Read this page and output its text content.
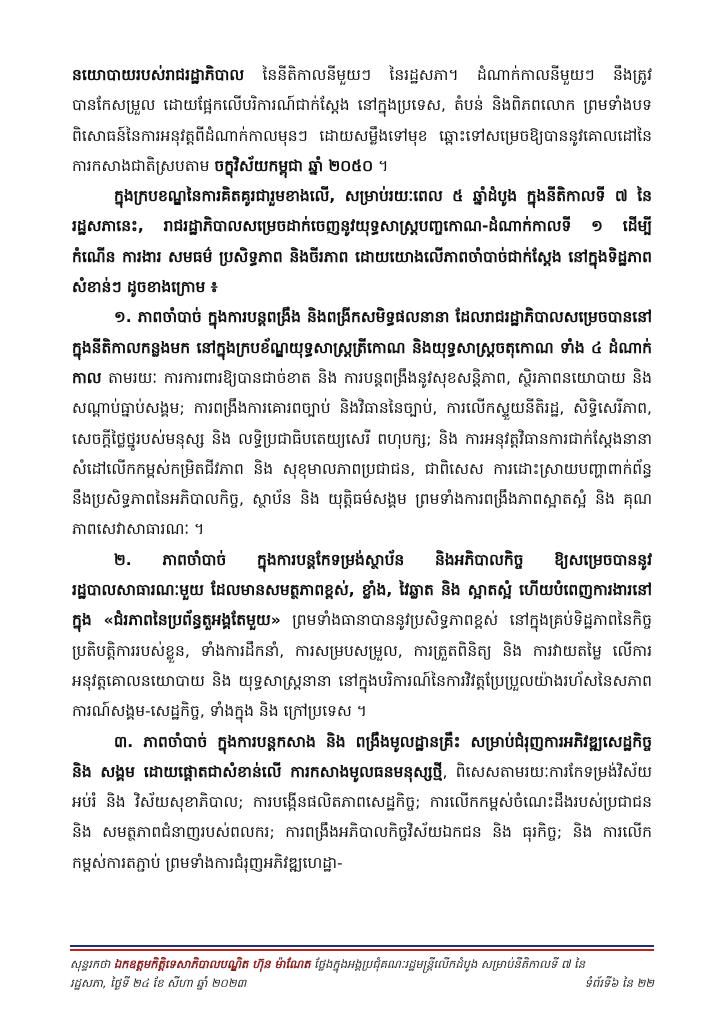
នយោបាយរបស់រាជរដ្ឋាភិបាល នៃនីតិកាលនីមួយៗ នៃរដ្ឋសភា។ ដំណាក់កាលនីមួយៗ នឹងត្រូវបានកែសម្រួល ដោយផ្អែកលើបរិការណ៍ជាក់ស្តែង នៅក្នុងប្រទេស, តំបន់ និងពិភពលោក ព្រមទាំងបទពិសោធន៍នៃការអនុវត្តពីដំណាក់កាលមុនៗ ដោយសម្លឹងទៅមុខ ឆ្ពោះទៅសម្រេចឱ្យបាននូវគោលដៅនៃការកសាងជាតិស្របតាម ចក្ខុវិស័យកម្ពុជា ឆ្នាំ ២០៥០ ។

ក្នុងក្របខណ្ឌនៃការគិតគូរជារួមខាងលើ, សម្រាប់រយៈពេល ៥ ឆ្នាំដំបូង ក្នុងនីតិកាលទី ៧ នៃរដ្ឋសភានេះ, រាជរដ្ឋាភិបាលសម្រេចដាក់ចេញនូវយុទ្ធសាស្ត្របញ្ចកោណ-ដំណាក់កាលទី ១ ដើម្បី កំណើន ការងារ សមធម៌ ប្រសិទ្ធភាព និងចីរភាព ដោយយោងលើភាពចាំបាច់ជាក់ស្តែង នៅក្នុងទិដ្ឋភាពសំខាន់ៗ ដូចខាងក្រោម ៖

១. ភាពចាំបាច់ ក្នុងការបន្តពង្រឹង និងពង្រីកសមិទ្ធផលនានា ដែលរាជរដ្ឋាភិបាលសម្រេចបាននៅក្នុងនីតិកាលកន្លងមក នៅក្នុងក្របខ័ណ្ឌយុទ្ធសាស្ត្រត្រីកោណ និងយុទ្ធសាស្ត្រចតុកោណ ទាំង ៤ ដំណាក់កាល តាមរយៈ ការការពារឱ្យបានជាច់ខាត និង ការបន្តពង្រឹងនូវសុខសន្តិភាព, ស្ថិរភាពនយោបាយ និង សណ្តាប់ធ្នាប់សង្គម; ការពង្រឹងការគោរពច្បាប់ និងវិធាននៃច្បាប់, ការលើកស្ទួយនីតិរដ្ឋ, សិទ្ធិសេរីភាព, សេចក្តីថ្លៃថ្នូរបស់មនុស្ស និង លទ្ធិប្រជាធិបតេយ្យសេរី ពហុបក្ស; និង ការអនុវត្តវិធានការជាក់ស្តែងនានា សំដៅលើកកម្ពស់កម្រិតជីវភាព និង សុខុមាលភាពប្រជាជន, ជាពិសេស ការដោះស្រាយបញ្ហាពាក់ព័ន្ធនឹងប្រសិទ្ធភាពនៃអភិបាលកិច្ច, ស្ថាប័ន និង យុត្តិធម៌សង្គម ព្រមទាំងការពង្រឹងភាពស្អាតស្អំ និង គុណភាពសេវាសាធារណៈ ។

២. ភាពចាំបាច់ ក្នុងការបន្តកែទម្រង់ស្ថាប័ន និងអភិបាលកិច្ច ឱ្យសម្រេចបាននូវរដ្ឋបាលសាធារណៈមួយ ដែលមានសមត្ថភាពខ្ពស់, ខ្លាំង, វៃឆ្លាត និង ស្អាតស្អំ ហើយបំពេញការងារនៅក្នុង «ជំរភាពនៃប្រព័ន្ធតួអង្គតែមួយ» ព្រមទាំងធានាបាននូវប្រសិទ្ធភាពខ្ពស់ នៅក្នុងគ្រប់ទិដ្ឋភាពនៃកិច្ចប្រតិបត្តិការរបស់ខ្លួន, ទាំងការដឹកនាំ, ការសម្របសម្រួល, ការត្រួតពិនិត្យ និង ការវាយតម្លៃ លើការអនុវត្តគោលនយោបាយ និង យុទ្ធសាស្ត្រនានា នៅក្នុងបរិការណ៍នៃការវិវត្តប្រែប្រួលយ៉ាងរហ័សនៃសភាពការណ៍សង្គម-សេដ្ឋកិច្ច, ទាំងក្នុង និង ក្រៅប្រទេស ។

៣. ភាពចាំបាច់ ក្នុងការបន្តកសាង និង ពង្រឹងមូលដ្ឋានគ្រឹះ សម្រាប់ជំរុញការអភិវឌ្ឍសេដ្ឋកិច្ច និង សង្គម ដោយផ្តោតជាសំខាន់លើ ការកសាងមូលធនមនុស្សថ្មី, ពិសេសតាមរយៈការកែទម្រង់វិស័យអប់រំ និង វិស័យសុខាភិបាល; ការបង្កើនផលិតភាពសេដ្ឋកិច្ច; ការលើកកម្ពស់ចំណេះដឹងរបស់ប្រជាជន និង សមត្ថភាពជំនាញរបស់ពលករ; ការពង្រឹងអភិបាលកិច្ចវិស័យឯកជន និង ធុរកិច្ច; និង ការលើកកម្ពស់ការតភ្ជាប់ ព្រមទាំងការជំរុញអភិវឌ្ឍហេដ្ឋា-

សុន្ទរកថា ឯកឧត្តមកិត្តិទេសាភិបាលបណ្ឌិត ហ៊ុន ម៉ាណែត ថ្លែងក្នុងអង្គប្រជុំគណៈរដ្ឋមន្ត្រីលើកដំបូង សម្រាប់នីតិកាលទី ៧ នៃ
រដ្ឋសភា, ថ្ងៃទី ២៤ ខែ សីហា ឆ្នាំ ២០២៣	ទំព័រទី៦ នៃ ២២
